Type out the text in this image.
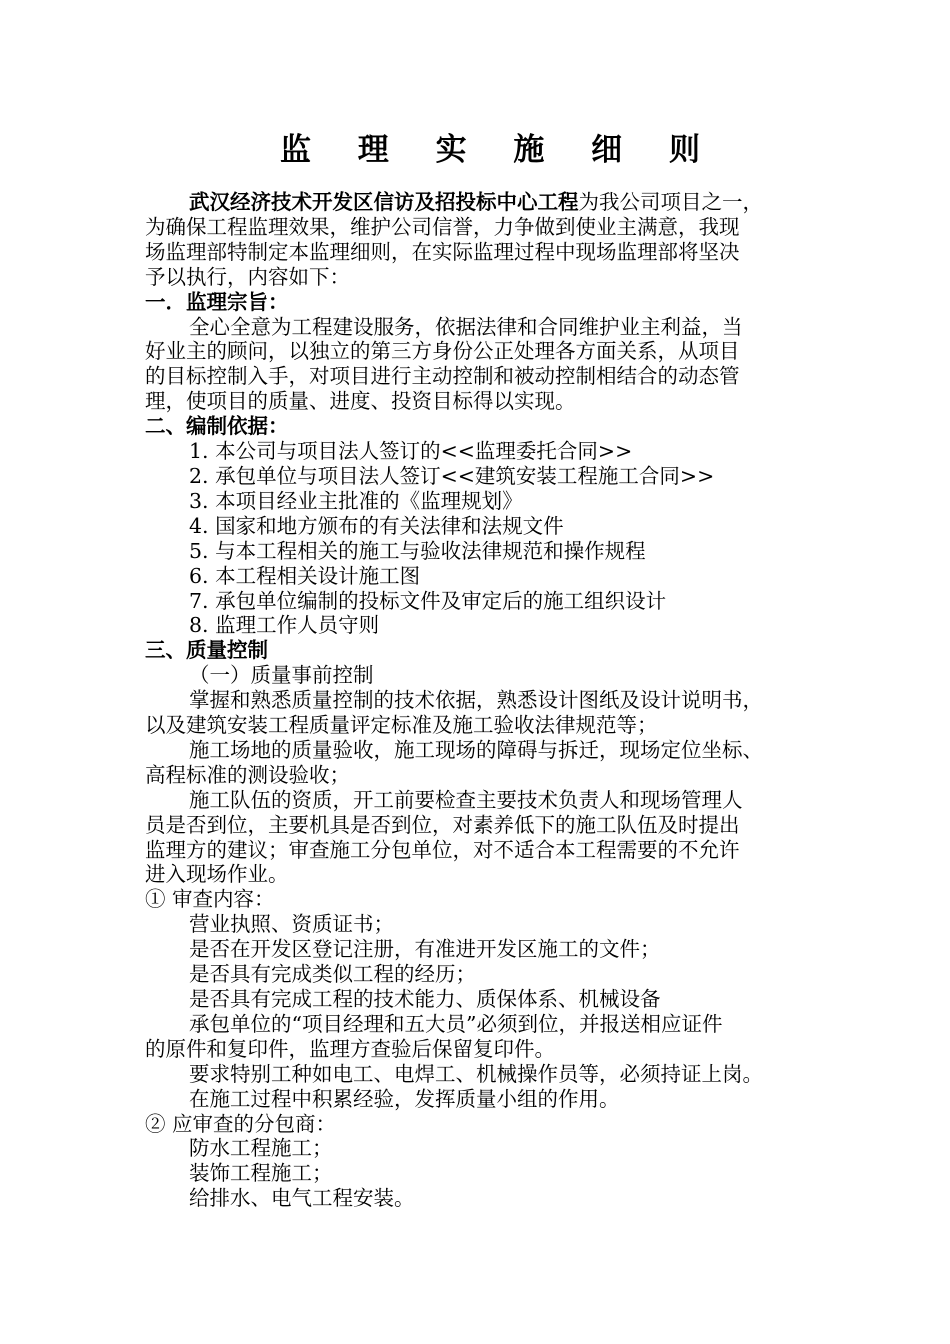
监 理 实 施 细 则
武汉经济技术开发区信访及招投标中心工程为我公司项目之一，
为确保工程监理效果，维护公司信誉，力争做到使业主满意，我现
场监理部特制定本监理细则，在实际监理过程中现场监理部将坚决
予以执行，内容如下：
一．监理宗旨：
全心全意为工程建设服务，依据法律和合同维护业主利益，当
好业主的顾问，以独立的第三方身份公正处理各方面关系，从项目
的目标控制入手，对项目进行主动控制和被动控制相结合的动态管
理，使项目的质量、进度、投资目标得以实现。
二、编制依据：
1. 本公司与项目法人签订的<<监理委托合同>>
2. 承包单位与项目法人签订<<建筑安装工程施工合同>>
3. 本项目经业主批准的《监理规划》
4. 国家和地方颁布的有关法律和法规文件
5. 与本工程相关的施工与验收法律规范和操作规程
6. 本工程相关设计施工图
7. 承包单位编制的投标文件及审定后的施工组织设计
8. 监理工作人员守则
三、质量控制
（一）质量事前控制
掌握和熟悉质量控制的技术依据，熟悉设计图纸及设计说明书，
以及建筑安装工程质量评定标准及施工验收法律规范等；
施工场地的质量验收，施工现场的障碍与拆迁，现场定位坐标、
高程标准的测设验收；
施工队伍的资质，开工前要检查主要技术负责人和现场管理人
员是否到位，主要机具是否到位，对素养低下的施工队伍及时提出
监理方的建议；审查施工分包单位，对不适合本工程需要的不允许
进入现场作业。
① 审查内容：
营业执照、资质证书；
是否在开发区登记注册，有准进开发区施工的文件；
是否具有完成类似工程的经历；
是否具有完成工程的技术能力、质保体系、机械设备
承包单位的“项目经理和五大员”必须到位，并报送相应证件
的原件和复印件，监理方查验后保留复印件。
要求特别工种如电工、电焊工、机械操作员等，必须持证上岗。
在施工过程中积累经验，发挥质量小组的作用。
② 应审查的分包商：
防水工程施工；
装饰工程施工；
给排水、电气工程安装。
